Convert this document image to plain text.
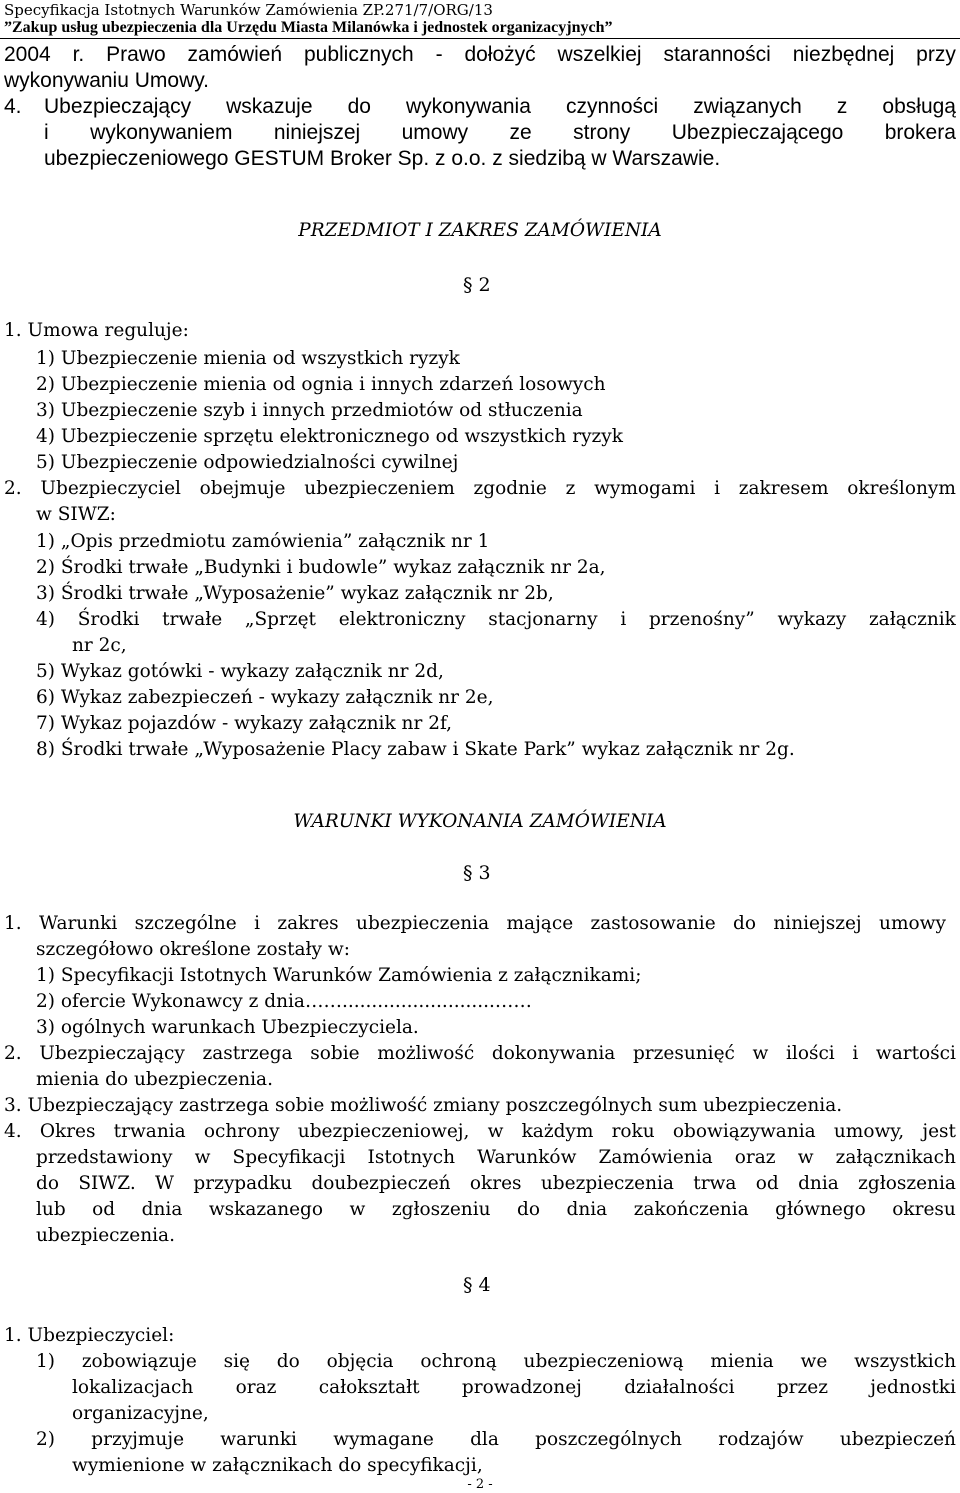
Specyfikacja Istotnych Warunków Zamówienia ZP.271/7/ORG/13
”Zakup usług ubezpieczenia dla Urzędu Miasta Milanówka i jednostek organizacyjnych”
2004 r. Prawo zamówień publicznych - dołożyć wszelkiej staranności niezbędnej przy
wykonywaniu Umowy.
4. Ubezpieczający wskazuje do wykonywania czynności związanych z obsługą
i wykonywaniem niniejszej umowy ze strony Ubezpieczającego brokera
ubezpieczeniowego GESTUM Broker Sp. z o.o. z siedzibą w Warszawie.
PRZEDMIOT I ZAKRES ZAMÓWIENIA
§ 2
1. Umowa reguluje:
1) Ubezpieczenie mienia od wszystkich ryzyk
2) Ubezpieczenie mienia od ognia i innych zdarzeń losowych
3) Ubezpieczenie szyb i innych przedmiotów od stłuczenia
4) Ubezpieczenie sprzętu elektronicznego od wszystkich ryzyk
5) Ubezpieczenie odpowiedzialności cywilnej
2. Ubezpieczyciel obejmuje ubezpieczeniem zgodnie z wymogami i zakresem określonym
w SIWZ:
1) „Opis przedmiotu zamówienia” załącznik nr 1
2) Środki trwałe „Budynki i budowle” wykaz załącznik nr 2a,
3) Środki trwałe „Wyposażenie” wykaz załącznik nr 2b,
4) Środki trwałe „Sprzęt elektroniczny stacjonarny i przenośny” wykazy załącznik
nr 2c,
5) Wykaz gotówki - wykazy załącznik nr 2d,
6) Wykaz zabezpieczeń - wykazy załącznik nr 2e,
7) Wykaz pojazdów - wykazy załącznik nr 2f,
8) Środki trwałe „Wyposażenie Placy zabaw i Skate Park” wykaz załącznik nr 2g.
WARUNKI WYKONANIA ZAMÓWIENIA
§ 3
1. Warunki szczególne i zakres ubezpieczenia mające zastosowanie do niniejszej umowy
szczegółowo określone zostały w:
1) Specyfikacji Istotnych Warunków Zamówienia z załącznikami;
2) ofercie Wykonawcy z dnia……..........................……
3) ogólnych warunkach Ubezpieczyciela.
2. Ubezpieczający zastrzega sobie możliwość dokonywania przesunięć w ilości i wartości
mienia do ubezpieczenia.
3. Ubezpieczający zastrzega sobie możliwość zmiany poszczególnych sum ubezpieczenia.
4. Okres trwania ochrony ubezpieczeniowej, w każdym roku obowiązywania umowy, jest
przedstawiony w Specyfikacji Istotnych Warunków Zamówienia oraz w załącznikach
do SIWZ. W przypadku doubezpieczeń okres ubezpieczenia trwa od dnia zgłoszenia
lub od dnia wskazanego w zgłoszeniu do dnia zakończenia głównego okresu
ubezpieczenia.
§ 4
1. Ubezpieczyciel:
1) zobowiązuje się do objęcia ochroną ubezpieczeniową mienia we wszystkich
lokalizacjach oraz całokształt prowadzonej działalności przez jednostki
organizacyjne,
2) przyjmuje warunki wymagane dla poszczególnych rodzajów ubezpieczeń
wymienione w załącznikach do specyfikacji,
- 2 -
